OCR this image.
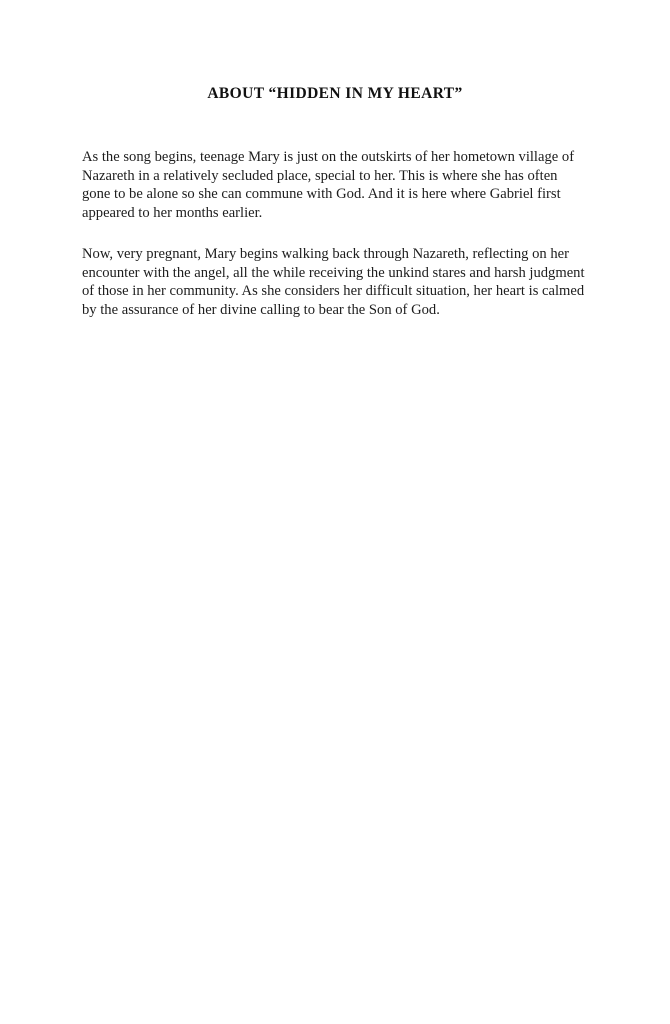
ABOUT “HIDDEN IN MY HEART”

As the song begins, teenage Mary is just on the outskirts of her hometown village of Nazareth in a relatively secluded place, special to her. This is where she has often gone to be alone so she can commune with God. And it is here where Gabriel first appeared to her months earlier.

Now, very pregnant, Mary begins walking back through Nazareth, reflecting on her encounter with the angel, all the while receiving the unkind stares and harsh judgment of those in her community. As she considers her difficult situation, her heart is calmed by the assurance of her divine calling to bear the Son of God.
